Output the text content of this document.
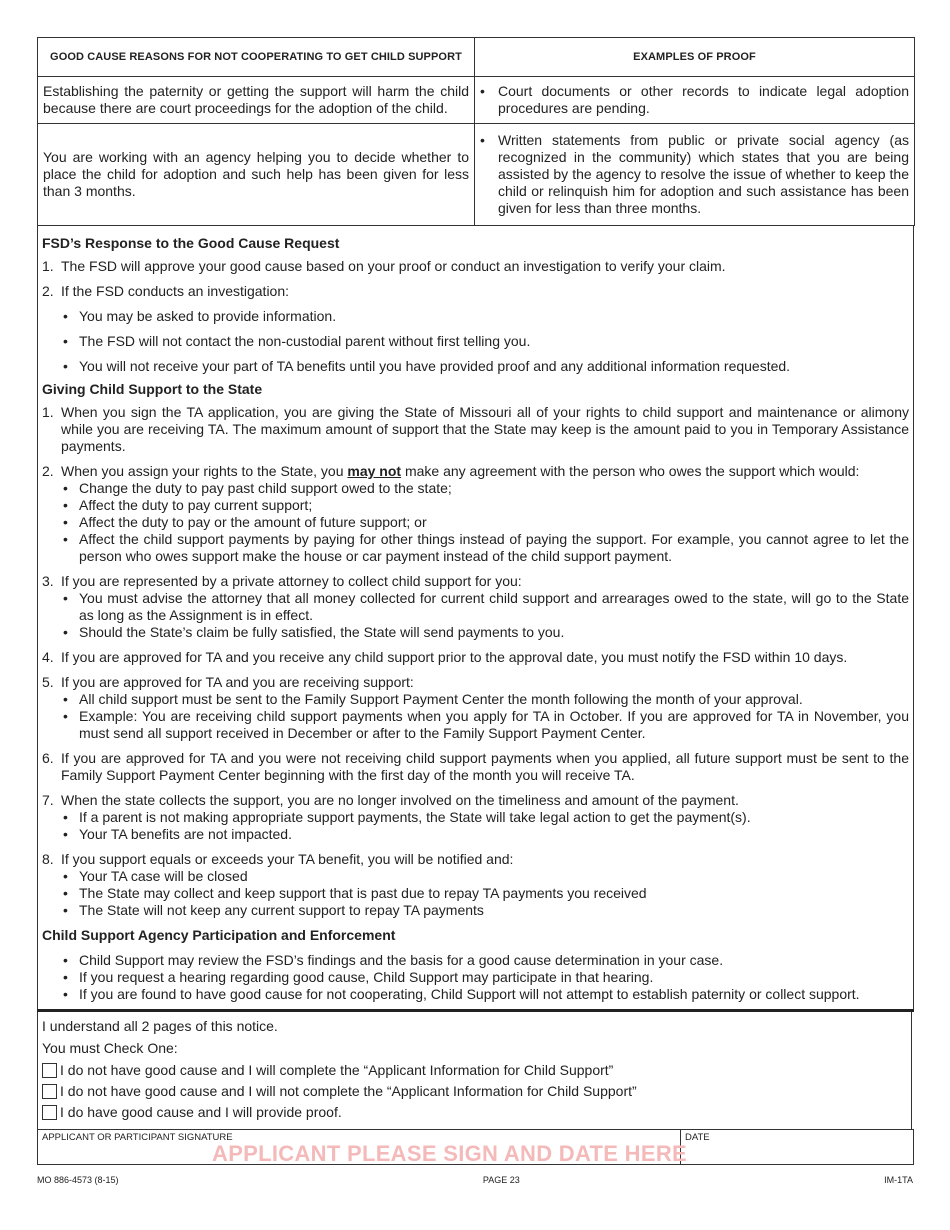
GOOD CAUSE REASONS FOR NOT COOPERATING TO GET CHILD SUPPORT	EXAMPLES OF PROOF
Establishing the paternity or getting the support will harm the child because there are court proceedings for the adoption of the child.	• Court documents or other records to indicate legal adoption procedures are pending.
You are working with an agency helping you to decide whether to place the child for adoption and such help has been given for less than 3 months.	• Written statements from public or private social agency (as recognized in the community) which states that you are being assisted by the agency to resolve the issue of whether to keep the child or relinquish him for adoption and such assistance has been given for less than three months.
FSD’s Response to the Good Cause Request
1. The FSD will approve your good cause based on your proof or conduct an investigation to verify your claim.
2. If the FSD conducts an investigation:
• You may be asked to provide information.
• The FSD will not contact the non-custodial parent without first telling you.
• You will not receive your part of TA benefits until you have provided proof and any additional information requested.
Giving Child Support to the State
1. When you sign the TA application, you are giving the State of Missouri all of your rights to child support and maintenance or alimony while you are receiving TA. The maximum amount of support that the State may keep is the amount paid to you in Temporary Assistance payments.
2. When you assign your rights to the State, you may not make any agreement with the person who owes the support which would:
• Change the duty to pay past child support owed to the state;
• Affect the duty to pay current support;
• Affect the duty to pay or the amount of future support; or
• Affect the child support payments by paying for other things instead of paying the support. For example, you cannot agree to let the person who owes support make the house or car payment instead of the child support payment.
3. If you are represented by a private attorney to collect child support for you:
• You must advise the attorney that all money collected for current child support and arrearages owed to the state, will go to the State as long as the Assignment is in effect.
• Should the State’s claim be fully satisfied, the State will send payments to you.
4. If you are approved for TA and you receive any child support prior to the approval date, you must notify the FSD within 10 days.
5. If you are approved for TA and you are receiving support:
• All child support must be sent to the Family Support Payment Center the month following the month of your approval.
• Example: You are receiving child support payments when you apply for TA in October. If you are approved for TA in November, you must send all support received in December or after to the Family Support Payment Center.
6. If you are approved for TA and you were not receiving child support payments when you applied, all future support must be sent to the Family Support Payment Center beginning with the first day of the month you will receive TA.
7. When the state collects the support, you are no longer involved on the timeliness and amount of the payment.
• If a parent is not making appropriate support payments, the State will take legal action to get the payment(s).
• Your TA benefits are not impacted.
8. If you support equals or exceeds your TA benefit, you will be notified and:
• Your TA case will be closed
• The State may collect and keep support that is past due to repay TA payments you received
• The State will not keep any current support to repay TA payments
Child Support Agency Participation and Enforcement
• Child Support may review the FSD’s findings and the basis for a good cause determination in your case.
• If you request a hearing regarding good cause, Child Support may participate in that hearing.
• If you are found to have good cause for not cooperating, Child Support will not attempt to establish paternity or collect support.

I understand all 2 pages of this notice.

You must Check One:

I do not have good cause and I will complete the “Applicant Information for Child Support”
I do not have good cause and I will not complete the “Applicant Information for Child Support”
I do have good cause and I will provide proof.
APPLICANT OR PARTICIPANT SIGNATURE	DATE
APPLICANT PLEASE SIGN AND DATE HERE
MO 886-4573 (8-15)	PAGE 23	IM-1TA
